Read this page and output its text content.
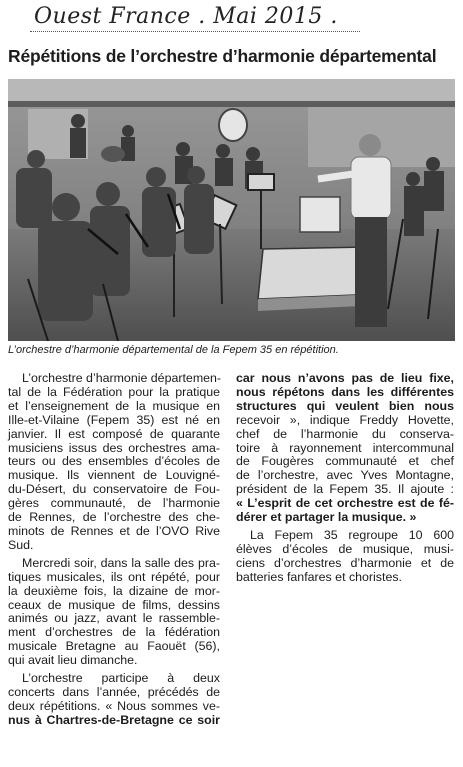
Ouest France . Mai 2015 .
Répétitions de l’orchestre d’harmonie départemental
L’orchestre d’harmonie départemental de la Fepem 35 en répétition.

L’orchestre d’harmonie départemen-
tal de la Fédération pour la pratique
et l’enseignement de la musique en
Ille-et-Vilaine (Fepem 35) est né en
janvier. Il est composé de quarante
musiciens issus des orchestres ama-
teurs ou des ensembles d’écoles de
musique. Ils viennent de Louvigné-
du-Désert, du conservatoire de Fou-
gères communauté, de l’harmonie
de Rennes, de l’orchestre des che-
minots de Rennes et de l’OVO Rive
Sud.

Mercredi soir, dans la salle des pra-
tiques musicales, ils ont répété, pour
la deuxième fois, la dizaine de mor-
ceaux de musique de films, dessins
animés ou jazz, avant le rassemble-
ment d’orchestres de la fédération
musicale Bretagne au Faouët (56),
qui avait lieu dimanche.

L’orchestre participe à deux
concerts dans l’année, précédés de
deux répétitions. « Nous sommes ve-
nus à Chartres-de-Bretagne ce soir

car nous n’avons pas de lieu fixe,
nous répétons dans les différentes
structures qui veulent bien nous
recevoir », indique Freddy Hovette,
chef de l’harmonie du conserva-
toire à rayonnement intercommunal
de Fougères communauté et chef
de l’orchestre, avec Yves Montagne,
président de la Fepem 35. Il ajoute :
« L’esprit de cet orchestre est de fé-
dérer et partager la musique. »

La Fepem 35 regroupe 10 600
élèves d’écoles de musique, musi-
ciens d’orchestres d’harmonie et de
batteries fanfares et choristes.
